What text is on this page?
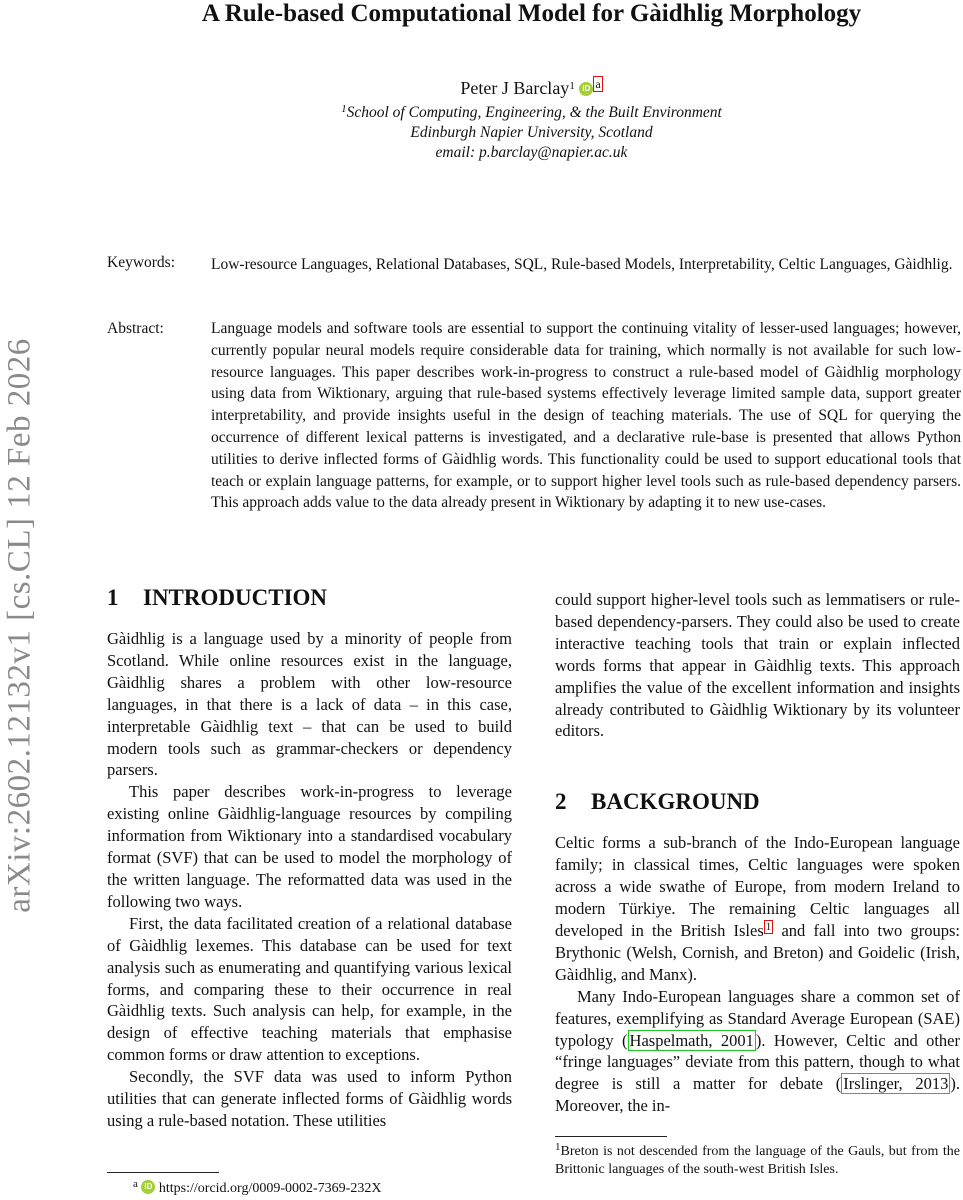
arXiv:2602.12132v1 [cs.CL] 12 Feb 2026
A Rule-based Computational Model for Gàidhlig Morphology
Peter J Barclay$^1$ iD a
$^1$School of Computing, Engineering, & the Built Environment
Edinburgh Napier University, Scotland
email: p.barclay@napier.ac.uk
Keywords: Low-resource Languages, Relational Databases, SQL, Rule-based Models, Interpretability, Celtic Languages, Gàidhlig.
Abstract:	Language models and software tools are essential to support the continuing vitality of lesser-used languages; however, currently popular neural models require considerable data for training, which normally is not available for such low-resource languages. This paper describes work-in-progress to construct a rule-based model of Gàidhlig morphology using data from Wiktionary, arguing that rule-based systems effectively leverage limited sample data, support greater interpretability, and provide insights useful in the design of teaching materials. The use of SQL for querying the occurrence of different lexical patterns is investigated, and a declarative rule-base is presented that allows Python utilities to derive inflected forms of Gàidhlig words. This functionality could be used to support educational tools that teach or explain language patterns, for example, or to support higher level tools such as rule-based dependency parsers. This approach adds value to the data already present in Wiktionary by adapting it to new use-cases.
1 INTRODUCTION

Gàidhlig is a language used by a minority of people from Scotland. While online resources exist in the language, Gàidhlig shares a problem with other low-resource languages, in that there is a lack of data – in this case, interpretable Gàidhlig text – that can be used to build modern tools such as grammar-checkers or dependency parsers.

This paper describes work-in-progress to leverage existing online Gàidhlig-language resources by compiling information from Wiktionary into a standardised vocabulary format (SVF) that can be used to model the morphology of the written language. The reformatted data was used in the following two ways.

First, the data facilitated creation of a relational database of Gàidhlig lexemes. This database can be used for text analysis such as enumerating and quantifying various lexical forms, and comparing these to their occurrence in real Gàidhlig texts. Such analysis can help, for example, in the design of effective teaching materials that emphasise common forms or draw attention to exceptions.

Secondly, the SVF data was used to inform Python utilities that can generate inflected forms of Gàidhlig words using a rule-based notation. These utilities

could support higher-level tools such as lemmatisers or rule-based dependency-parsers. They could also be used to create interactive teaching tools that train or explain inflected words forms that appear in Gàidhlig texts. This approach amplifies the value of the excellent information and insights already contributed to Gàidhlig Wiktionary by its volunteer editors.

2 BACKGROUND

Celtic forms a sub-branch of the Indo-European language family; in classical times, Celtic languages were spoken across a wide swathe of Europe, from modern Ireland to modern Türkiye. The remaining Celtic languages all developed in the British Isles $^1$ and fall into two groups: Brythonic (Welsh, Cornish, and Breton) and Goidelic (Irish, Gàidhlig, and Manx).

Many Indo-European languages share a common set of features, exemplifying as Standard Average European (SAE) typology ( Haspelmath, 2001 ). However, Celtic and other “fringe languages” deviate from this pattern, though to what degree is still a matter for debate ( Irslinger, 2013 ). Moreover, the in-

$^a$ iD https://orcid.org/0009-0002-7369-232X
$^1$Breton is not descended from the language of the Gauls, but from the Brittonic languages of the south-west British Isles.
